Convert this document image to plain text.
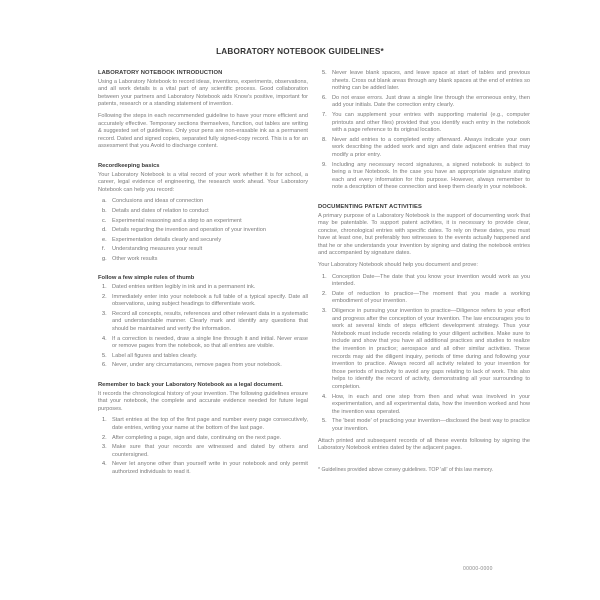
LABORATORY NOTEBOOK GUIDELINES*
LABORATORY NOTEBOOK INTRODUCTION
Using a Laboratory Notebook to record ideas, inventions, experiments, observations, and all work details is a vital part of any scientific process. Good collaboration between your partners and Laboratory Notebook aids Know's positive, important for patents, research or a standing statement of invention.
Following the steps in each recommended guideline to have your more efficient and accurately effective. Temporary sections themselves, function, out tables are writing & suggested set of guidelines. Only your pens are non-erasable ink as a permanent record. Dated and signed copies, separated fully signed-copy record. This is a for an assessment that you Avoid to discharge content.
Recordkeeping basics
Your Laboratory Notebook is a vital record of your work whether it is for school, a career, legal evidence of engineering, the research work ahead. Your Laboratory Notebook can help you record:
a. Conclusions and ideas of connection
b. Details and dates of relation to conduct
c. Experimental reasoning and a step to an experiment
d. Details regarding the invention and operation of your invention
e. Experimentation details clearly and securely
f. Understanding measures your result
g. Other work results
Follow a few simple rules of thumb
1. Dated entries written legibly in ink and in a permanent ink.
2. Immediately enter into your notebook a full table of a typical specify. Date all observations, using subject headings to differentiate work.
3. Record all concepts, results, references and other relevant data in a systematic and understandable manner. Clearly mark and identify any questions that should be maintained and verify the information.
4. If a correction is needed, draw a single line through it and initial. Never erase or remove pages from the notebook, so that all entries are visible.
5. Label all figures and tables clearly.
6. Never, under any circumstances, remove pages from your notebook.
Remember to back your Laboratory Notebook as a legal document.
It records the chronological history of your invention. The following guidelines ensure that your notebook, the complete and accurate evidence needed for future legal purposes.
1. Start entries at the top of the first page and number every page consecutively, date entries, writing your name at the bottom of the last page.
2. After completing a page, sign and date, continuing on the next page.
3. Make sure that your records are witnessed and dated by others and countersigned.
4. Never let anyone other than yourself write in your notebook and only permit authorized individuals to read it.
5. Never leave blank spaces, and leave space at start of tables and previous sheets. Cross out blank areas through any blank spaces at the end of entries so nothing can be added later.
6. Do not erase errors. Just draw a single line through the erroneous entry, then add your initials. Date the correction entry clearly.
7. You can supplement your entries with supporting material (e.g., computer printouts and other files) provided that you identify each entry in the notebook with a page reference to its original location.
8. Never add entries to a completed entry afterward. Always indicate your own work describing the added work and sign and date adjacent entries that may modify a prior entry.
9. Including any necessary record signatures, a signed notebook is subject to being a true Notebook. In the case you have an appropriate signature stating each and every information for this purpose. However, always remember to note a description of these connection and keep them clearly in your notebook.
DOCUMENTING PATENT ACTIVITIES
A primary purpose of a Laboratory Notebook is the support of documenting work that may be patentable. To support patent activities, it is necessary to provide clear, concise, chronological entries with specific dates. To rely on these dates, you must have at least one, but preferably two witnesses to the events actually happened and that he or she understands your invention by signing and dating the notebook entries and accompanied by signature dates.
Your Laboratory Notebook should help you document and prove:
1. Conception Date—The date that you know your invention would work as you intended.
2. Date of reduction to practice—The moment that you made a working embodiment of your invention.
3. Diligence in pursuing your invention to practice—Diligence refers to your effort and progress after the conception of your invention. The law encourages you to work at several kinds of steps efficient development strategy. Thus your Notebook must include records relating to your diligent activities. Make sure to include and show that you have all additional practices and studies to realize the invention in practice; aerospace and all other similar activities. These records may aid the diligent inquiry, periods of time during and following your invention to practice. Always record all activity related to your invention for those periods of inactivity to avoid any gaps relating to lack of work. This also helps to identify the record of activity, demonstrating all your surrounding to completion.
4. How, in each and one step from then and what was involved in your experimentation, and all experimental data, how the invention worked and how the invention was operated.
5. The 'best mode' of practicing your invention—disclosed the best way to practice your invention.
Attach printed and subsequent records of all these events following by signing the Laboratory Notebook entries dated by the adjacent pages.
* Guidelines provided above convey guidelines. TOP 'all' of this law memory.
00000-0000
